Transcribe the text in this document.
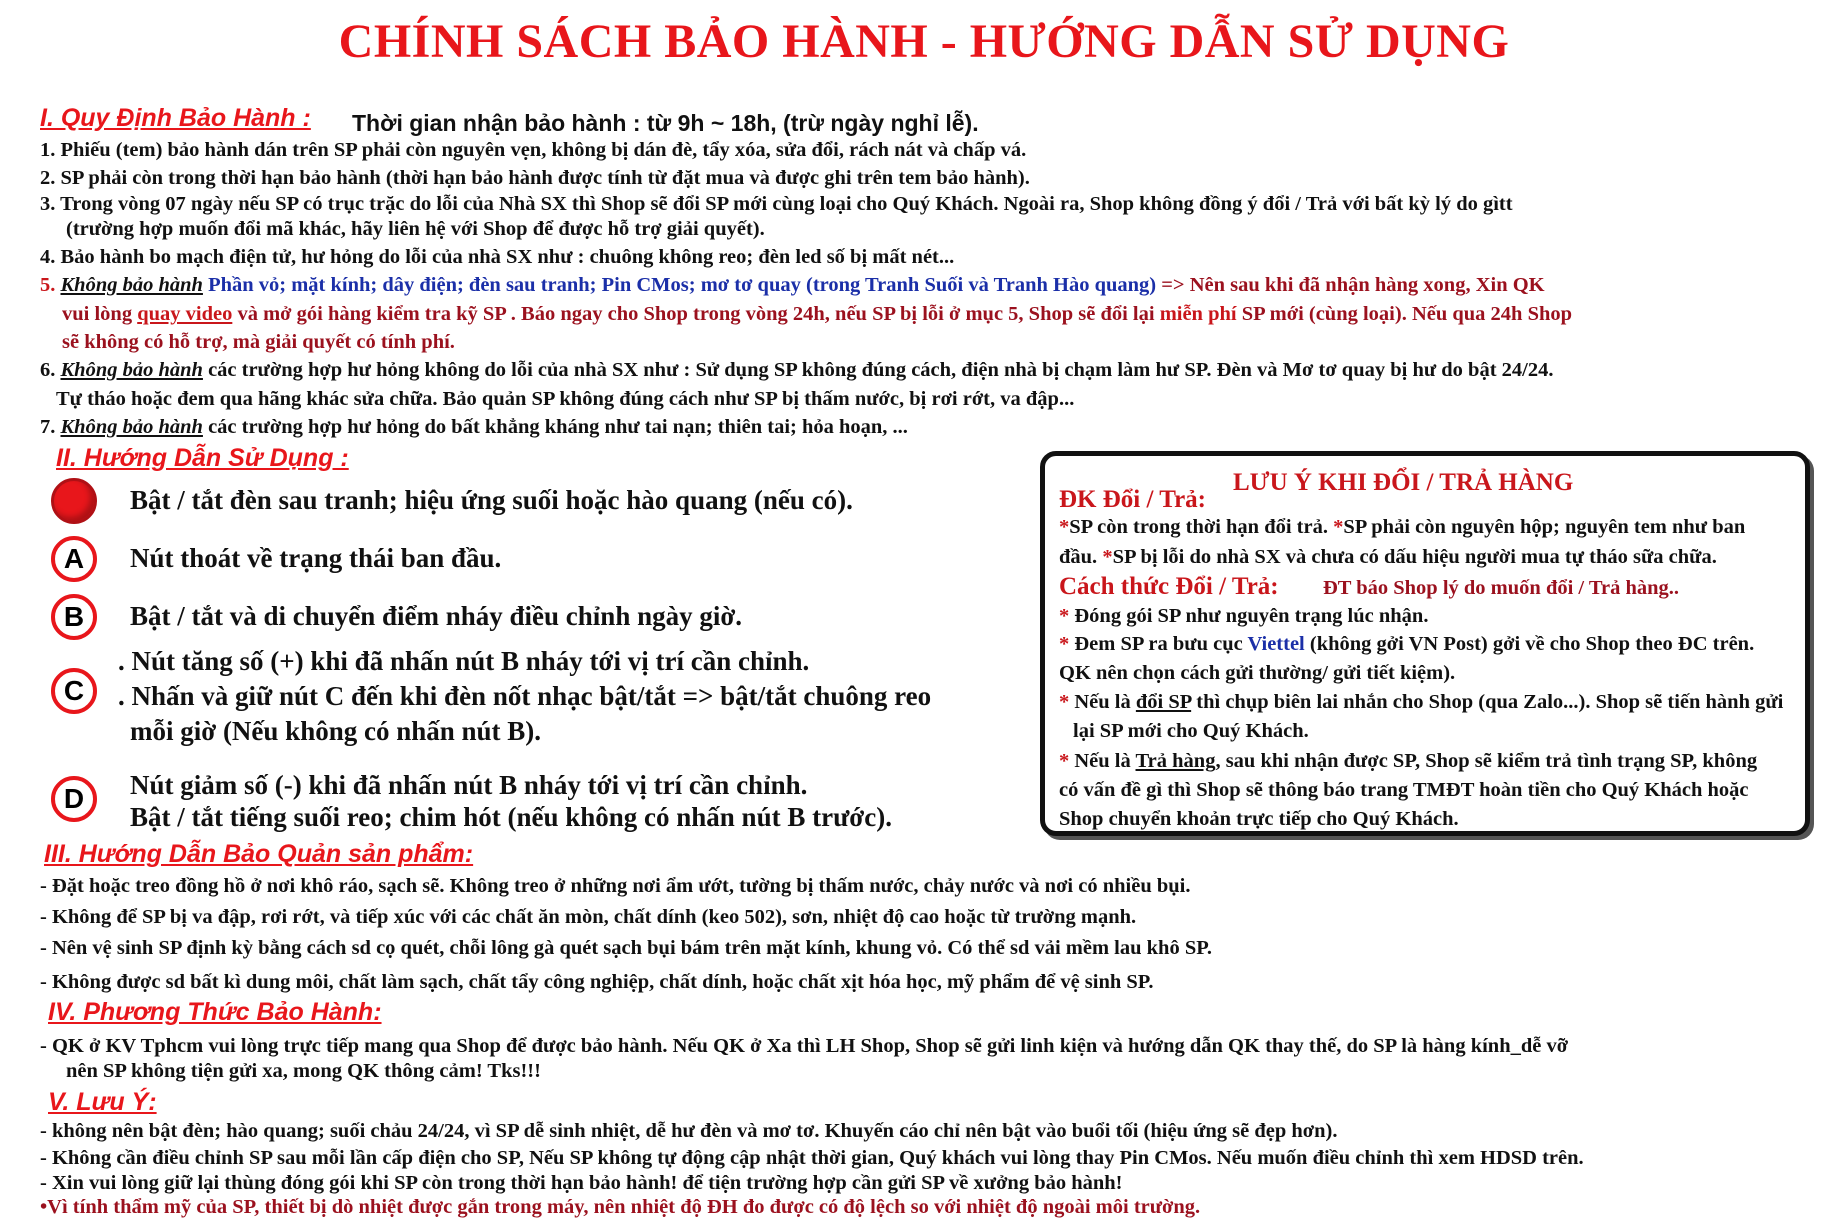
CHÍNH SÁCH BẢO HÀNH - HƯỚNG DẪN SỬ DỤNG
I. Quy Định Bảo Hành : Thời gian nhận bảo hành : từ 9h ~ 18h, (trừ ngày nghỉ lễ).
1. Phiếu (tem) bảo hành dán trên SP phải còn nguyên vẹn, không bị dán đè, tẩy xóa, sửa đổi, rách nát và chấp vá.
2. SP phải còn trong thời hạn bảo hành (thời hạn bảo hành được tính từ đặt mua và được ghi trên tem bảo hành).
3. Trong vòng 07 ngày nếu SP có trục trặc do lỗi của Nhà SX thì Shop sẽ đổi SP mới cùng loại cho Quý Khách. Ngoài ra, Shop không đồng ý đổi / Trả với bất kỳ lý do gìtt
(trường hợp muốn đổi mã khác, hãy liên hệ với Shop để được hỗ trợ giải quyết).
4. Bảo hành bo mạch điện tử, hư hỏng do lỗi của nhà SX như : chuông không reo; đèn led số bị mất nét...
5. Không bảo hành Phần vỏ; mặt kính; dây điện; đèn sau tranh; Pin CMos; mơ tơ quay (trong Tranh Suối và Tranh Hào quang) => Nên sau khi đã nhận hàng xong, Xin QK
vui lòng quay video và mở gói hàng kiểm tra kỹ SP . Báo ngay cho Shop trong vòng 24h, nếu SP bị lỗi ở mục 5, Shop sẽ đổi lại miễn phí SP mới (cùng loại). Nếu qua 24h Shop
sẽ không có hỗ trợ, mà giải quyết có tính phí.
6. Không bảo hành các trường hợp hư hỏng không do lỗi của nhà SX như : Sử dụng SP không đúng cách, điện nhà bị chạm làm hư SP. Đèn và Mơ tơ quay bị hư do bật 24/24.
Tự tháo hoặc đem qua hãng khác sửa chữa. Bảo quản SP không đúng cách như SP bị thấm nước, bị rơi rớt, va đập...
7. Không bảo hành các trường hợp hư hỏng do bất khẳng kháng như tai nạn; thiên tai; hỏa hoạn, ...
II. Hướng Dẫn Sử Dụng :
Bật / tắt đèn sau tranh; hiệu ứng suối hoặc hào quang (nếu có).
A Nút thoát về trạng thái ban đầu.
B Bật / tắt và di chuyển điểm nháy điều chỉnh ngày giờ.
C
. Nút tăng số (+) khi đã nhấn nút B nháy tới vị trí cần chỉnh.
. Nhấn và giữ nút C đến khi đèn nốt nhạc bật/tắt => bật/tắt chuông reo
mỗi giờ (Nếu không có nhấn nút B).
D Nút giảm số (-) khi đã nhấn nút B nháy tới vị trí cần chỉnh.
Bật / tắt tiếng suối reo; chim hót (nếu không có nhấn nút B trước).
LƯU Ý KHI ĐỔI / TRẢ HÀNG
ĐK Đổi / Trả:
*SP còn trong thời hạn đổi trả. *SP phải còn nguyên hộp; nguyên tem như ban
đầu. *SP bị lỗi do nhà SX và chưa có dấu hiệu người mua tự tháo sữa chữa.
Cách thức Đổi / Trả: ĐT báo Shop lý do muốn đổi / Trả hàng..
* Đóng gói SP như nguyên trạng lúc nhận.
* Đem SP ra bưu cục Viettel (không gởi VN Post) gởi về cho Shop theo ĐC trên.
QK nên chọn cách gửi thường/ gửi tiết kiệm).
* Nếu là đổi SP thì chụp biên lai nhắn cho Shop (qua Zalo...). Shop sẽ tiến hành gửi
lại SP mới cho Quý Khách.
* Nếu là Trả hàng, sau khi nhận được SP, Shop sẽ kiểm trả tình trạng SP, không
có vấn đề gì thì Shop sẽ thông báo trang TMĐT hoàn tiền cho Quý Khách hoặc
Shop chuyển khoản trực tiếp cho Quý Khách.
III. Hướng Dẫn Bảo Quản sản phẩm:
- Đặt hoặc treo đồng hồ ở nơi khô ráo, sạch sẽ. Không treo ở những nơi ẩm ướt, tường bị thấm nước, chảy nước và nơi có nhiều bụi.
- Không để SP bị va đập, rơi rớt, và tiếp xúc với các chất ăn mòn, chất dính (keo 502), sơn, nhiệt độ cao hoặc từ trường mạnh.
- Nên vệ sinh SP định kỳ bằng cách sd cọ quét, chỗi lông gà quét sạch bụi bám trên mặt kính, khung vỏ. Có thể sd vải mềm lau khô SP.
- Không được sd bất kì dung môi, chất làm sạch, chất tẩy công nghiệp, chất dính, hoặc chất xịt hóa học, mỹ phẩm để vệ sinh SP.
IV. Phương Thức Bảo Hành:
- QK ở KV Tphcm vui lòng trực tiếp mang qua Shop để được bảo hành. Nếu QK ở Xa thì LH Shop, Shop sẽ gửi linh kiện và hướng dẫn QK thay thế, do SP là hàng kính_dễ vỡ
nên SP không tiện gửi xa, mong QK thông cảm! Tks!!!
V. Lưu Ý:
- không nên bật đèn; hào quang; suối chảu 24/24, vì SP dễ sinh nhiệt, dễ hư đèn và mơ tơ. Khuyến cáo chỉ nên bật vào buổi tối (hiệu ứng sẽ đẹp hơn).
- Không cần điều chỉnh SP sau mỗi lần cấp điện cho SP, Nếu SP không tự động cập nhật thời gian, Quý khách vui lòng thay Pin CMos. Nếu muốn điều chỉnh thì xem HDSD trên.
- Xin vui lòng giữ lại thùng đóng gói khi SP còn trong thời hạn bảo hành! để tiện trường hợp cần gửi SP về xưởng bảo hành!
•Vì tính thẩm mỹ của SP, thiết bị dò nhiệt được gắn trong máy, nên nhiệt độ ĐH đo được có độ lệch so với nhiệt độ ngoài môi trường.
